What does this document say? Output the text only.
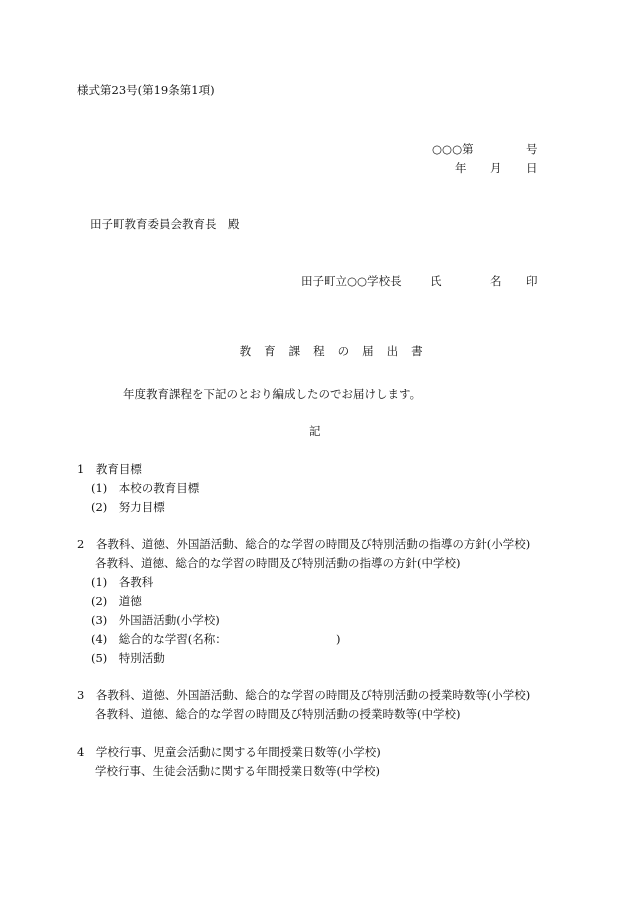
様式第23号(第19条第1項)
○○○第	号
年 月 日
田子町教育委員会教育長　殿
田子町立○○学校長 氏	名 印

教 育 課 程 の 届 出 書

年度教育課程を下記のとおり編成したのでお届けします。
記
1　教育目標
(1)　本校の教育目標
(2)　努力目標
2　各教科、道徳、外国語活動、総合的な学習の時間及び特別活動の指導の方針(小学校)
各教科、道徳、総合的な学習の時間及び特別活動の指導の方針(中学校)
(1)　各教科
(2)　道徳
(3)　外国語活動(小学校)
(4)　総合的な学習(名称：	)
(5)　特別活動
3　各教科、道徳、外国語活動、総合的な学習の時間及び特別活動の授業時数等(小学校)
各教科、道徳、総合的な学習の時間及び特別活動の授業時数等(中学校)
4　学校行事、児童会活動に関する年間授業日数等(小学校)
学校行事、生徒会活動に関する年間授業日数等(中学校)
